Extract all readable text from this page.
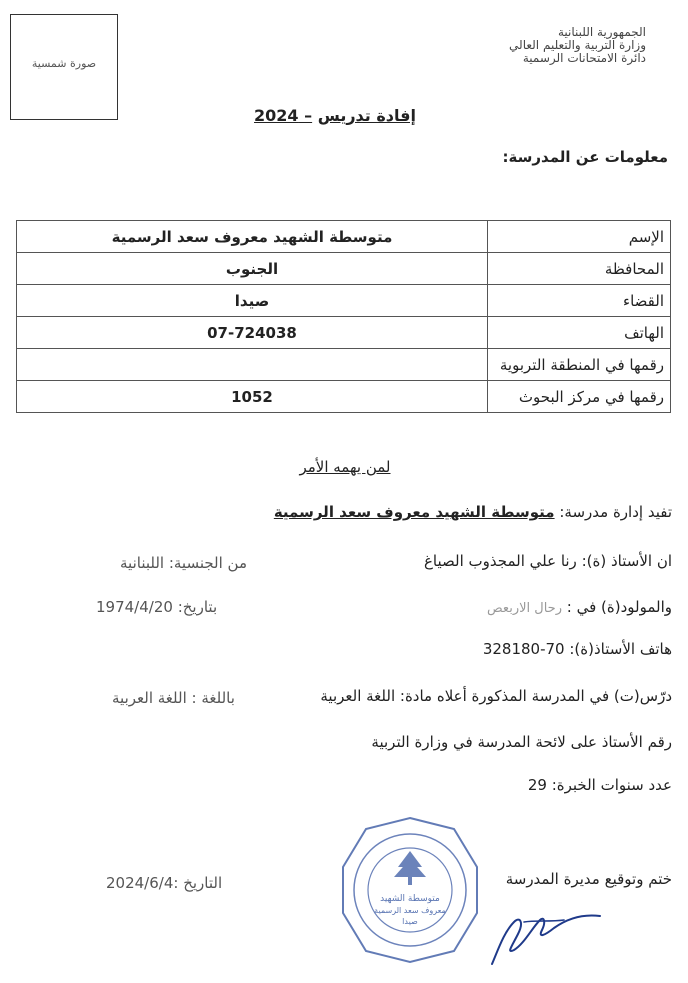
صورة شمسية
الجمهورية اللبنانية
وزارة التربية والتعليم العالي
دائرة الامتحانات الرسمية
إفادة تدريس – 2024
معلومات عن المدرسة:
متوسطة الشهيد معروف سعد الرسمية	الإسم
الجنوب	المحافظة
صيدا	القضاء
07-724038	الهاتف
	رقمها في المنطقة التربوية
1052	رقمها في مركز البحوث
لمن يهمه الأمر
تفيد إدارة مدرسة: متوسطة الشهيد معروف سعد الرسمية
ان الأستاذ (ة): رنا علي المجذوب الصياغ
من الجنسية: اللبنانية
والمولود(ة) في : رحال الاربعص
بتاريخ: 1974/4/20
هاتف الأستاذ(ة): 70-328180
درّس(ت) في المدرسة المذكورة أعلاه مادة: اللغة العربية
باللغة : اللغة العربية
رقم الأستاذ على لائحة المدرسة في وزارة التربية
عدد سنوات الخبرة: 29
ختم وتوقيع مديرة المدرسة
التاريخ :2024/6/4
متوسطة الشهيد
معروف سعد الرسمية
صيدا
